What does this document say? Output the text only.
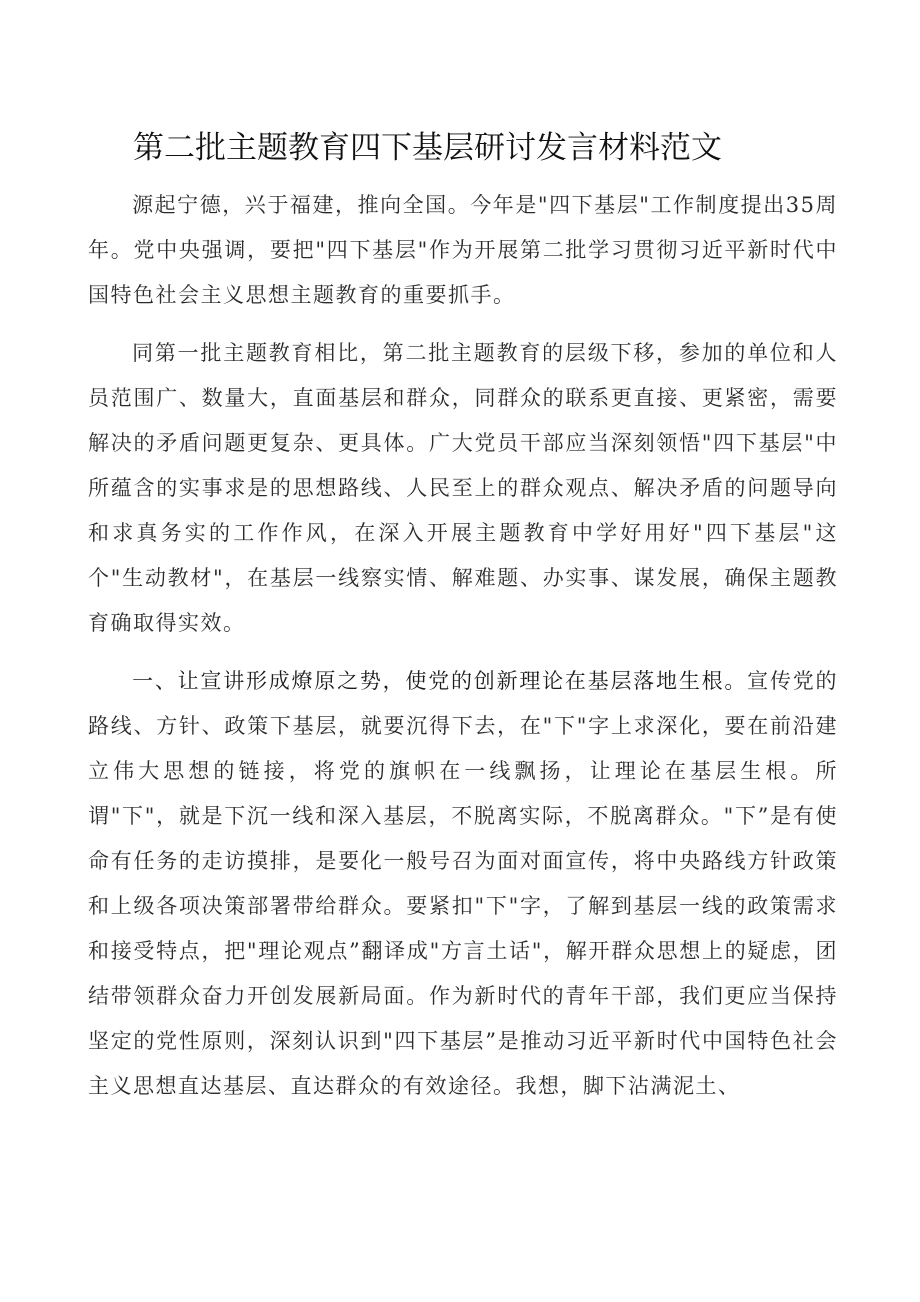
第二批主题教育四下基层研讨发言材料范文

源起宁德，兴于福建，推向全国。今年是"四下基层"工作制度提出35周年。党中央强调，要把"四下基层"作为开展第二批学习贯彻习近平新时代中国特色社会主义思想主题教育的重要抓手。

同第一批主题教育相比，第二批主题教育的层级下移，参加的单位和人员范围广、数量大，直面基层和群众，同群众的联系更直接、更紧密，需要解决的矛盾问题更复杂、更具体。广大党员干部应当深刻领悟"四下基层"中所蕴含的实事求是的思想路线、人民至上的群众观点、解决矛盾的问题导向和求真务实的工作作风，在深入开展主题教育中学好用好"四下基层"这个"生动教材"，在基层一线察实情、解难题、办实事、谋发展，确保主题教育确取得实效。

一、让宣讲形成燎原之势，使党的创新理论在基层落地生根。宣传党的路线、方针、政策下基层，就要沉得下去，在"下"字上求深化，要在前沿建立伟大思想的链接，将党的旗帜在一线飘扬，让理论在基层生根。所谓"下"，就是下沉一线和深入基层，不脱离实际，不脱离群众。"下”是有使命有任务的走访摸排，是要化一般号召为面对面宣传，将中央路线方针政策和上级各项决策部署带给群众。要紧扣"下"字，了解到基层一线的政策需求和接受特点，把"理论观点”翻译成"方言土话"，解开群众思想上的疑虑，团结带领群众奋力开创发展新局面。作为新时代的青年干部，我们更应当保持坚定的党性原则，深刻认识到"四下基层”是推动习近平新时代中国特色社会主义思想直达基层、直达群众的有效途径。我想，脚下沾满泥土、
